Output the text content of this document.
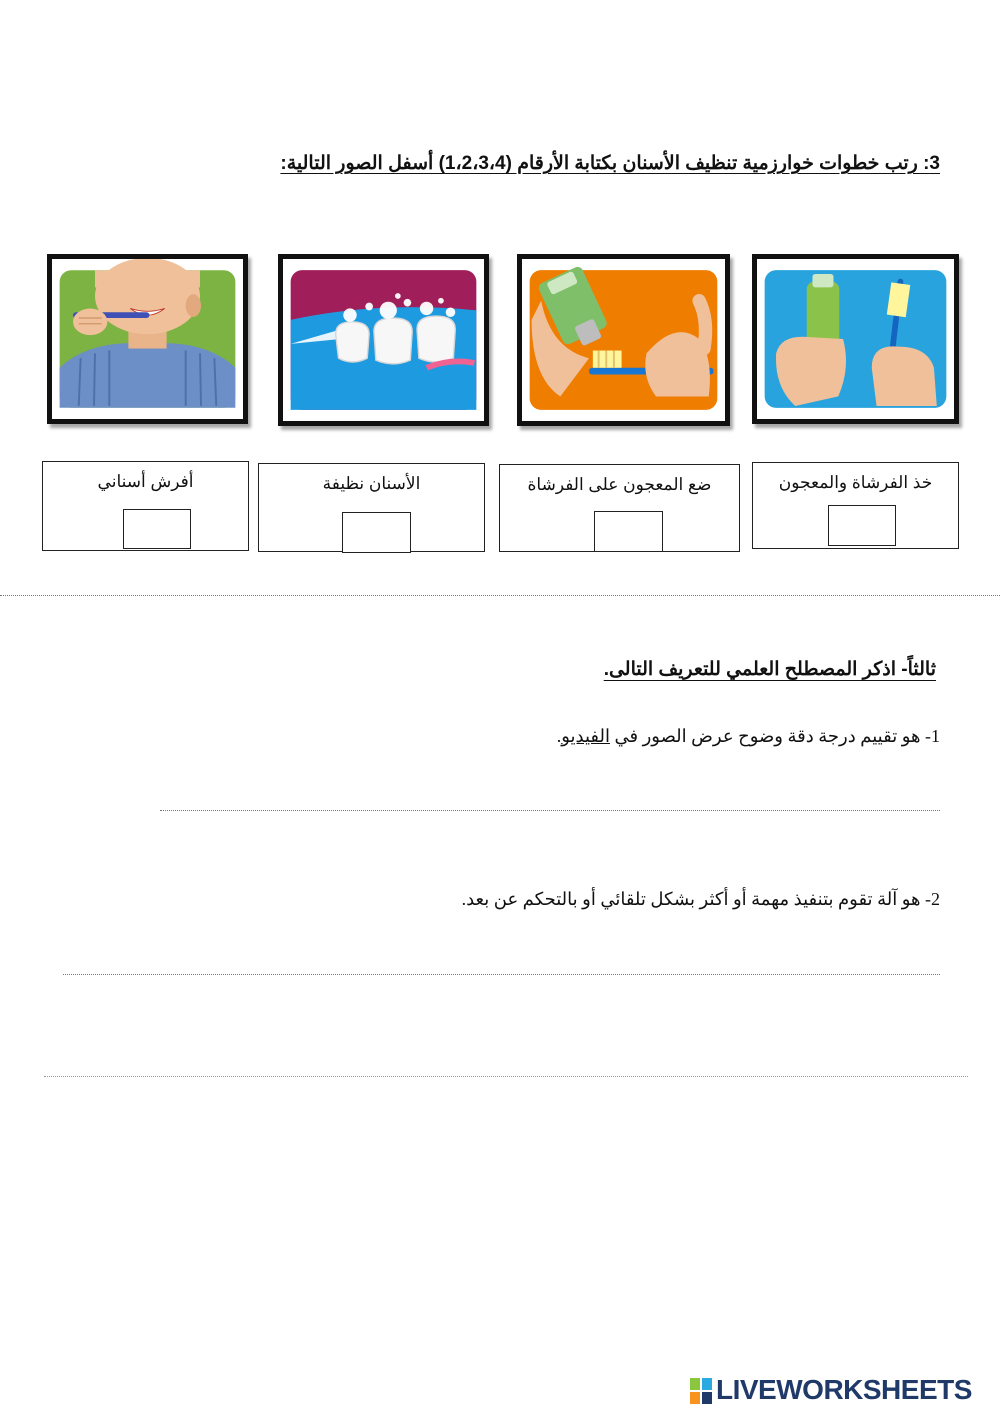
3: رتب خطوات خوارزمية تنظيف الأسنان بكتابة الأرقام (1،2،3،4) أسفل الصور التالية:
أفرش أسناني	الأسنان نظيفة	ضع المعجون على الفرشاة	خذ الفرشاة والمعجون
ثالثاً- اذكر المصطلح العلمي للتعريف التالى.
1- هو تقييم درجة دقة وضوح عرض الصور في الفيديو.
2- هو آلة تقوم بتنفيذ مهمة أو أكثر بشكل تلقائي أو بالتحكم عن بعد.
LIVEWORKSHEETS
